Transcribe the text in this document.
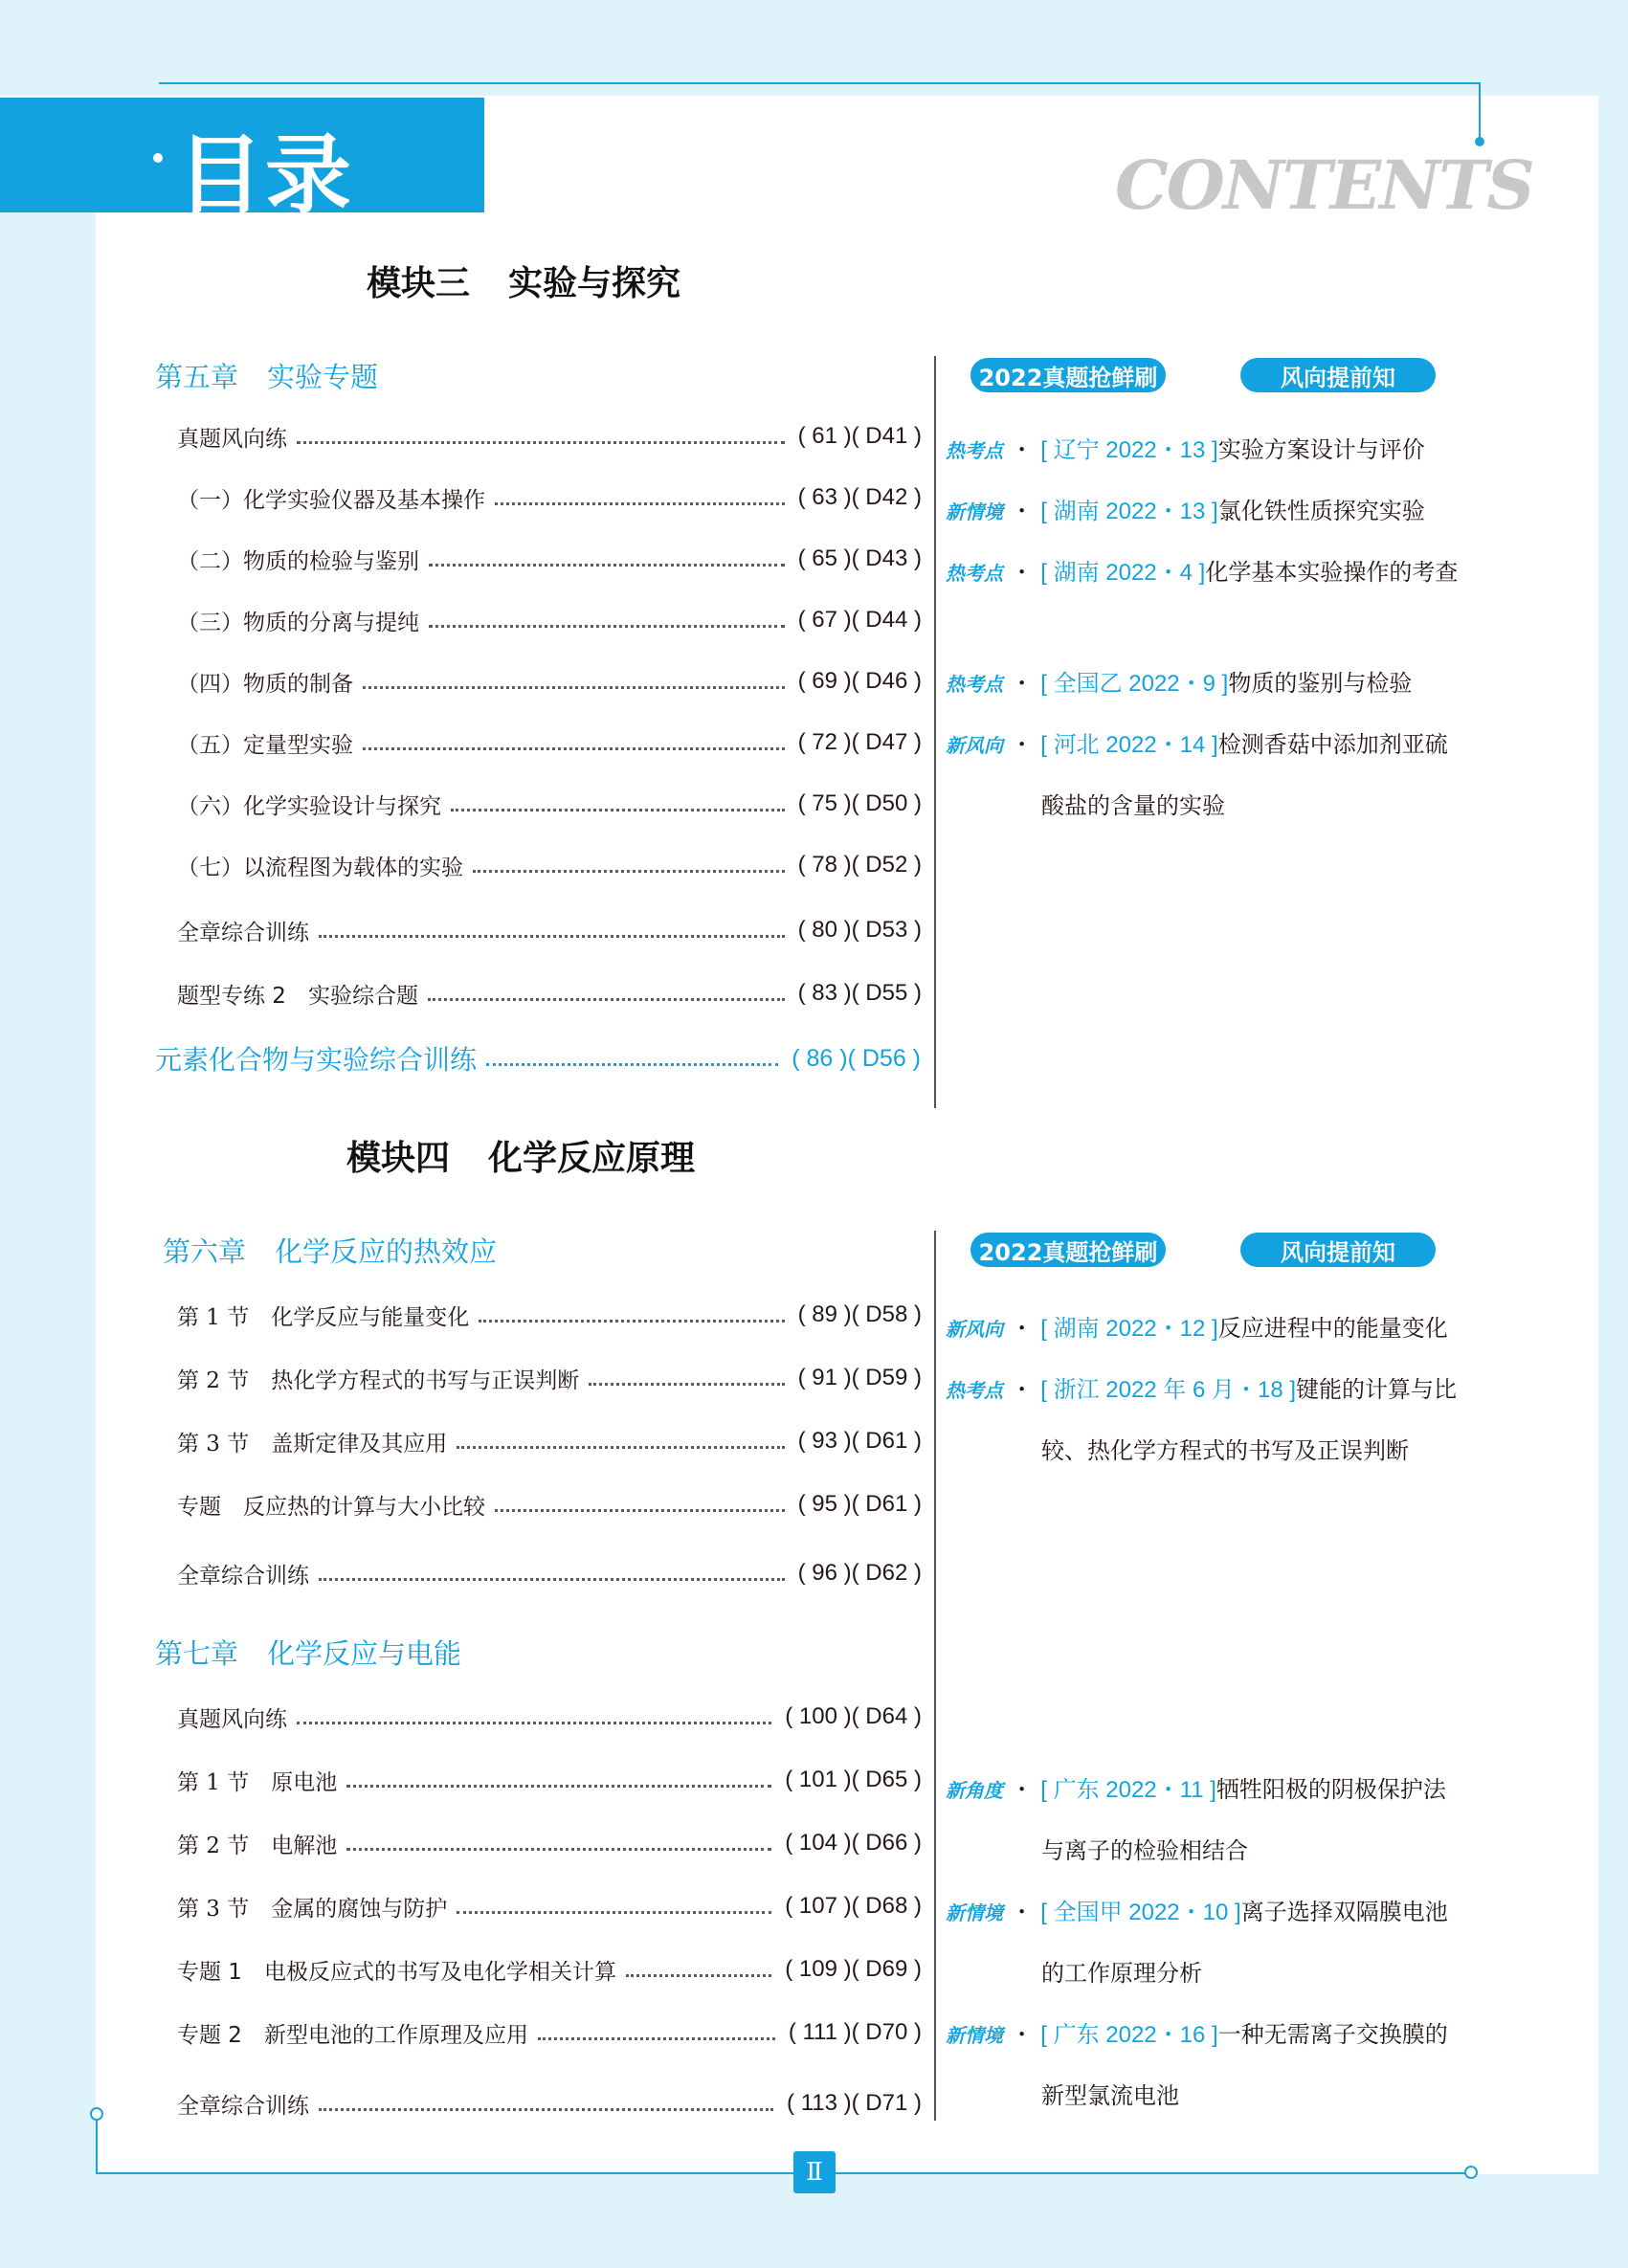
目录	CONTENTS
模块三 实验与探究
第五章 实验专题
真题风向练	( 61 )( D41 )
（一）化学实验仪器及基本操作	( 63 )( D42 )
（二）物质的检验与鉴别	( 65 )( D43 )
（三）物质的分离与提纯	( 67 )( D44 )
（四）物质的制备	( 69 )( D46 )
（五）定量型实验	( 72 )( D47 )
（六）化学实验设计与探究	( 75 )( D50 )
（七）以流程图为载体的实验	( 78 )( D52 )
全章综合训练	( 80 )( D53 )
题型专练 2　实验综合题	( 83 )( D55 )
元素化合物与实验综合训练	( 86 )( D56 )
2022真题抢鲜刷	风向提前知
热考点 ・ [ 辽宁 2022・13 ]实验方案设计与评价
新情境 ・ [ 湖南 2022・13 ]氯化铁性质探究实验
热考点 ・ [ 湖南 2022・4 ]化学基本实验操作的考查
热考点 ・ [ 全国乙 2022・9 ]物质的鉴别与检验
新风向 ・ [ 河北 2022・14 ]检测香菇中添加剂亚硫
酸盐的含量的实验
模块四 化学反应原理
第六章 化学反应的热效应
第 1 节　化学反应与能量变化	( 89 )( D58 )
第 2 节　热化学方程式的书写与正误判断	( 91 )( D59 )
第 3 节　盖斯定律及其应用	( 93 )( D61 )
专题　反应热的计算与大小比较	( 95 )( D61 )
全章综合训练	( 96 )( D62 )
第七章 化学反应与电能
真题风向练	( 100 )( D64 )
第 1 节　原电池	( 101 )( D65 )
第 2 节　电解池	( 104 )( D66 )
第 3 节　金属的腐蚀与防护	( 107 )( D68 )
专题 1　电极反应式的书写及电化学相关计算	( 109 )( D69 )
专题 2　新型电池的工作原理及应用	( 111 )( D70 )
全章综合训练	( 113 )( D71 )
2022真题抢鲜刷	风向提前知
新风向 ・ [ 湖南 2022・12 ]反应进程中的能量变化
热考点 ・ [ 浙江 2022 年 6 月・18 ]键能的计算与比
较、热化学方程式的书写及正误判断
新角度 ・ [ 广东 2022・11 ]牺牲阳极的阴极保护法
与离子的检验相结合
新情境 ・ [ 全国甲 2022・10 ]离子选择双隔膜电池
的工作原理分析
新情境 ・ [ 广东 2022・16 ]一种无需离子交换膜的
新型氯流电池
Ⅱ
